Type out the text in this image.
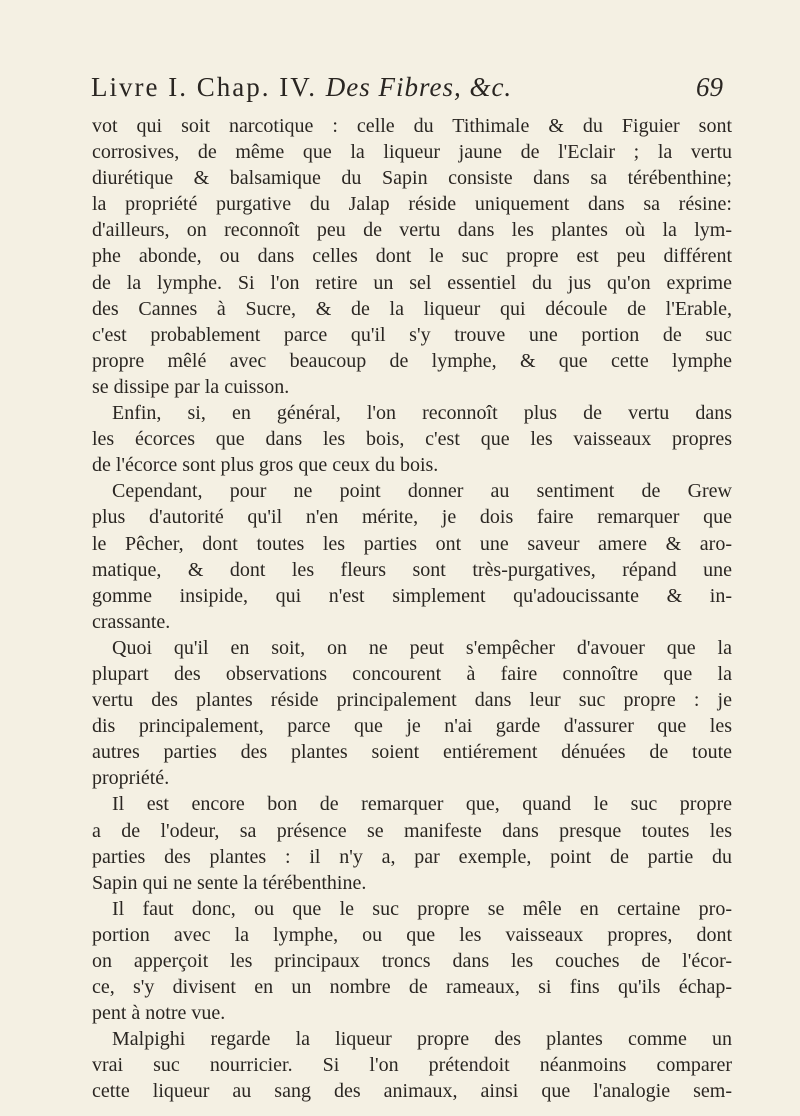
Livre I. Chap. IV. Des Fibres, &c.	69
vot qui soit narcotique : celle du Tithimale & du Figuier sont
corrosives, de même que la liqueur jaune de l'Eclair ; la vertu
diurétique & balsamique du Sapin consiste dans sa térébenthine;
la propriété purgative du Jalap réside uniquement dans sa résine:
d'ailleurs, on reconnoît peu de vertu dans les plantes où la lym-
phe abonde, ou dans celles dont le suc propre est peu différent
de la lymphe. Si l'on retire un sel essentiel du jus qu'on exprime
des Cannes à Sucre, & de la liqueur qui découle de l'Erable,
c'est probablement parce qu'il s'y trouve une portion de suc
propre mêlé avec beaucoup de lymphe, & que cette lymphe
se dissipe par la cuisson.
Enfin, si, en général, l'on reconnoît plus de vertu dans
les écorces que dans les bois, c'est que les vaisseaux propres
de l'écorce sont plus gros que ceux du bois.
Cependant, pour ne point donner au sentiment de Grew
plus d'autorité qu'il n'en mérite, je dois faire remarquer que
le Pêcher, dont toutes les parties ont une saveur amere & aro-
matique, & dont les fleurs sont très-purgatives, répand une
gomme insipide, qui n'est simplement qu'adoucissante & in-
crassante.
Quoi qu'il en soit, on ne peut s'empêcher d'avouer que la
plupart des observations concourent à faire connoître que la
vertu des plantes réside principalement dans leur suc propre : je
dis principalement, parce que je n'ai garde d'assurer que les
autres parties des plantes soient entiérement dénuées de toute
propriété.
Il est encore bon de remarquer que, quand le suc propre
a de l'odeur, sa présence se manifeste dans presque toutes les
parties des plantes : il n'y a, par exemple, point de partie du
Sapin qui ne sente la térébenthine.
Il faut donc, ou que le suc propre se mêle en certaine pro-
portion avec la lymphe, ou que les vaisseaux propres, dont
on apperçoit les principaux troncs dans les couches de l'écor-
ce, s'y divisent en un nombre de rameaux, si fins qu'ils échap-
pent à notre vue.
Malpighi regarde la liqueur propre des plantes comme un
vrai suc nourricier. Si l'on prétendoit néanmoins comparer
cette liqueur au sang des animaux, ainsi que l'analogie sem-
